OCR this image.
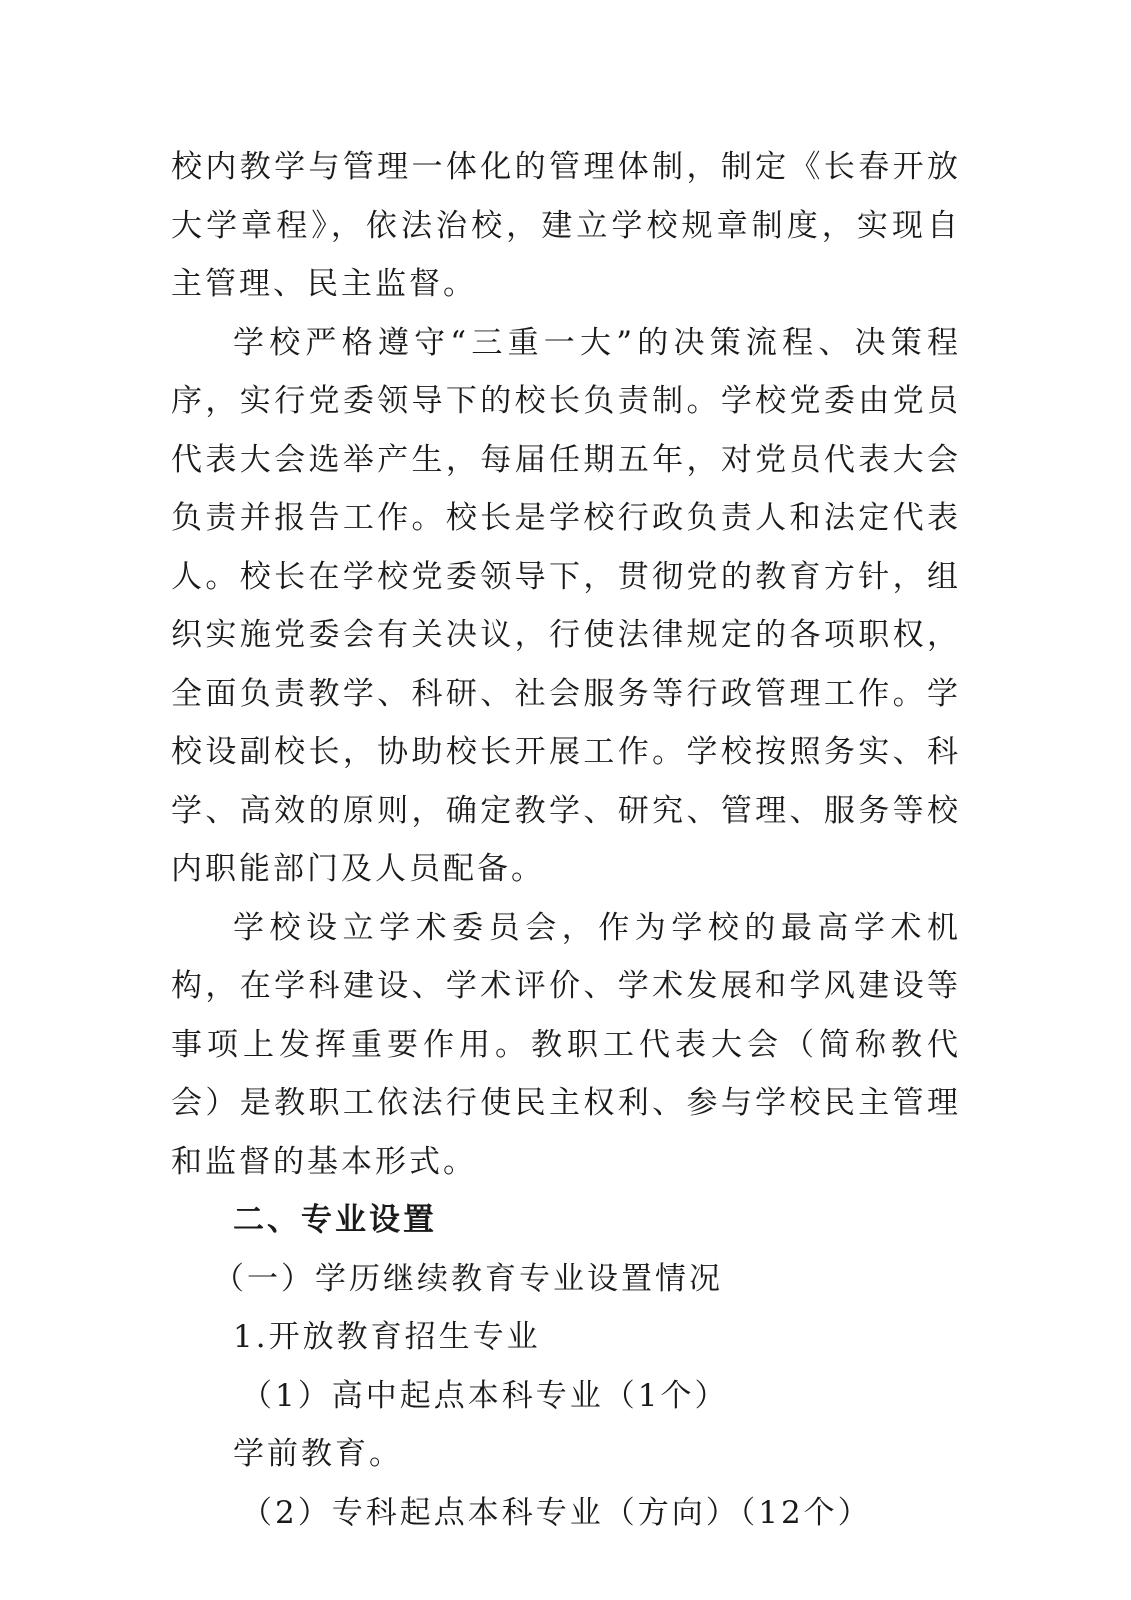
校内教学与管理一体化的管理体制，制定《长春开放大学章程》，依法治校，建立学校规章制度，实现自主管理、民主监督。

学校严格遵守“三重一大”的决策流程、决策程序，实行党委领导下的校长负责制。学校党委由党员代表大会选举产生，每届任期五年，对党员代表大会负责并报告工作。校长是学校行政负责人和法定代表人。校长在学校党委领导下，贯彻党的教育方针，组织实施党委会有关决议，行使法律规定的各项职权，全面负责教学、科研、社会服务等行政管理工作。学校设副校长，协助校长开展工作。学校按照务实、科学、高效的原则，确定教学、研究、管理、服务等校内职能部门及人员配备。

学校设立学术委员会，作为学校的最高学术机构，在学科建设、学术评价、学术发展和学风建设等事项上发挥重要作用。教职工代表大会（简称教代会）是教职工依法行使民主权利、参与学校民主管理和监督的基本形式。

二、专业设置

（一）学历继续教育专业设置情况

1.开放教育招生专业

（1）高中起点本科专业（1个）

学前教育。

（2）专科起点本科专业（方向）（12个）
